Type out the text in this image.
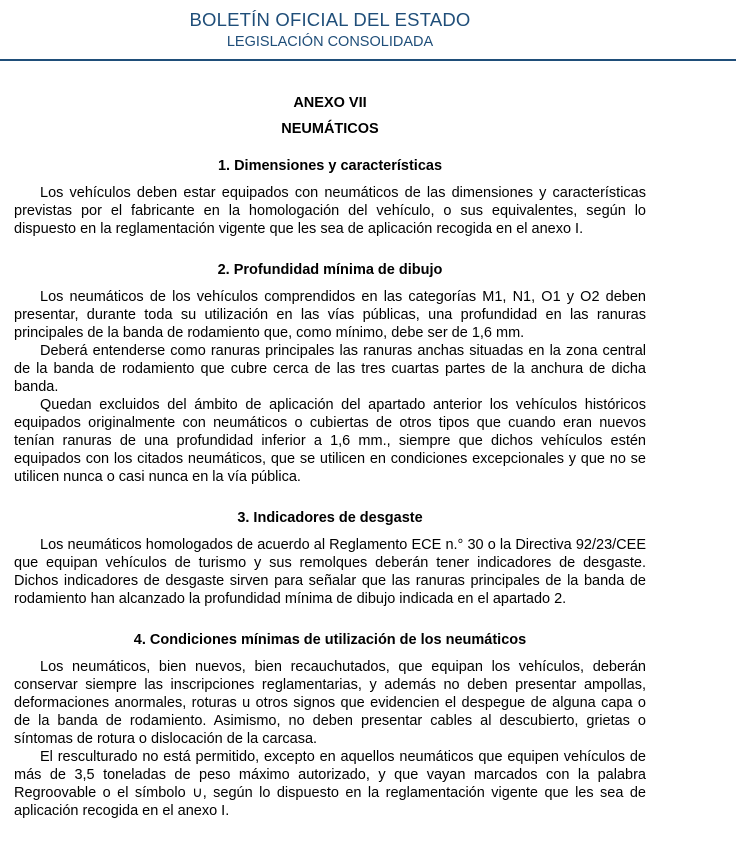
BOLETÍN OFICIAL DEL ESTADO
LEGISLACIÓN CONSOLIDADA

ANEXO VII

NEUMÁTICOS

1. Dimensiones y características

Los vehículos deben estar equipados con neumáticos de las dimensiones y características previstas por el fabricante en la homologación del vehículo, o sus equivalentes, según lo dispuesto en la reglamentación vigente que les sea de aplicación recogida en el anexo I.

2. Profundidad mínima de dibujo

Los neumáticos de los vehículos comprendidos en las categorías M1, N1, O1 y O2 deben presentar, durante toda su utilización en las vías públicas, una profundidad en las ranuras principales de la banda de rodamiento que, como mínimo, debe ser de 1,6 mm.

Deberá entenderse como ranuras principales las ranuras anchas situadas en la zona central de la banda de rodamiento que cubre cerca de las tres cuartas partes de la anchura de dicha banda.

Quedan excluidos del ámbito de aplicación del apartado anterior los vehículos históricos equipados originalmente con neumáticos o cubiertas de otros tipos que cuando eran nuevos tenían ranuras de una profundidad inferior a 1,6 mm., siempre que dichos vehículos estén equipados con los citados neumáticos, que se utilicen en condiciones excepcionales y que no se utilicen nunca o casi nunca en la vía pública.

3. Indicadores de desgaste

Los neumáticos homologados de acuerdo al Reglamento ECE n.° 30 o la Directiva 92/23/CEE que equipan vehículos de turismo y sus remolques deberán tener indicadores de desgaste. Dichos indicadores de desgaste sirven para señalar que las ranuras principales de la banda de rodamiento han alcanzado la profundidad mínima de dibujo indicada en el apartado 2.

4. Condiciones mínimas de utilización de los neumáticos

Los neumáticos, bien nuevos, bien recauchutados, que equipan los vehículos, deberán conservar siempre las inscripciones reglamentarias, y además no deben presentar ampollas, deformaciones anormales, roturas u otros signos que evidencien el despegue de alguna capa o de la banda de rodamiento. Asimismo, no deben presentar cables al descubierto, grietas o síntomas de rotura o dislocación de la carcasa.

El resculturado no está permitido, excepto en aquellos neumáticos que equipen vehículos de más de 3,5 toneladas de peso máximo autorizado, y que vayan marcados con la palabra Regroovable o el símbolo ∪, según lo dispuesto en la reglamentación vigente que les sea de aplicación recogida en el anexo I.
